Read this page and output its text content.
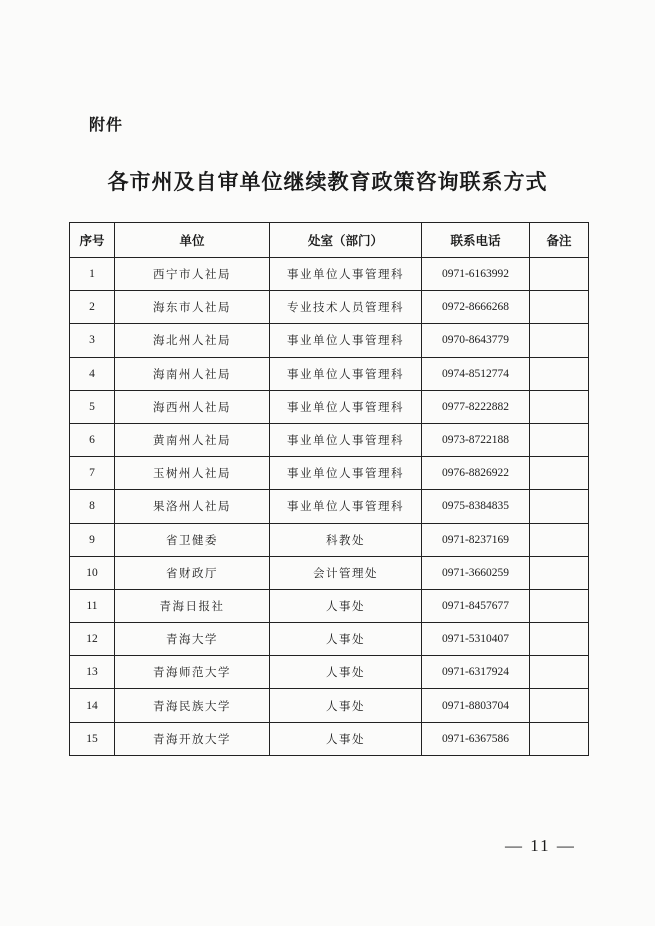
附件
各市州及自审单位继续教育政策咨询联系方式
序号	单位	处室（部门）	联系电话	备注
1	西宁市人社局	事业单位人事管理科	0971-6163992	
2	海东市人社局	专业技术人员管理科	0972-8666268	
3	海北州人社局	事业单位人事管理科	0970-8643779	
4	海南州人社局	事业单位人事管理科	0974-8512774	
5	海西州人社局	事业单位人事管理科	0977-8222882	
6	黄南州人社局	事业单位人事管理科	0973-8722188	
7	玉树州人社局	事业单位人事管理科	0976-8826922	
8	果洛州人社局	事业单位人事管理科	0975-8384835	
9	省卫健委	科教处	0971-8237169	
10	省财政厅	会计管理处	0971-3660259	
11	青海日报社	人事处	0971-8457677	
12	青海大学	人事处	0971-5310407	
13	青海师范大学	人事处	0971-6317924	
14	青海民族大学	人事处	0971-8803704	
15	青海开放大学	人事处	0971-6367586	
— 11 —
